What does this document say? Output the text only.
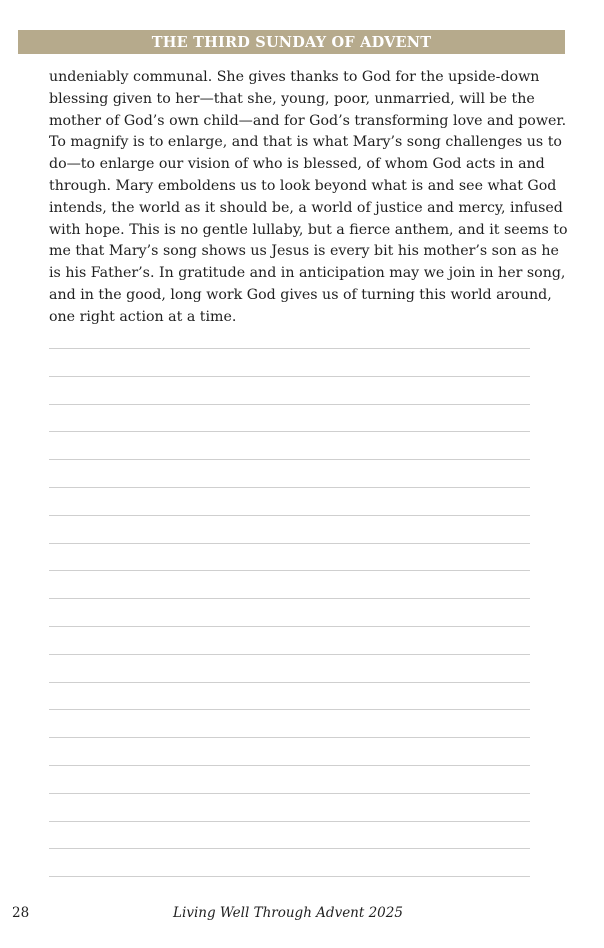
THE THIRD SUNDAY OF ADVENT
undeniably communal. She gives thanks to God for the upside-down
blessing given to her—that she, young, poor, unmarried, will be the
mother of God’s own child—and for God’s transforming love and power.
To magnify is to enlarge, and that is what Mary’s song challenges us to
do—to enlarge our vision of who is blessed, of whom God acts in and
through. Mary emboldens us to look beyond what is and see what God
intends, the world as it should be, a world of justice and mercy, infused
with hope. This is no gentle lullaby, but a fierce anthem, and it seems to
me that Mary’s song shows us Jesus is every bit his mother’s son as he
is his Father’s. In gratitude and in anticipation may we join in her song,
and in the good, long work God gives us of turning this world around,
one right action at a time.
28	Living Well Through Advent 2025
